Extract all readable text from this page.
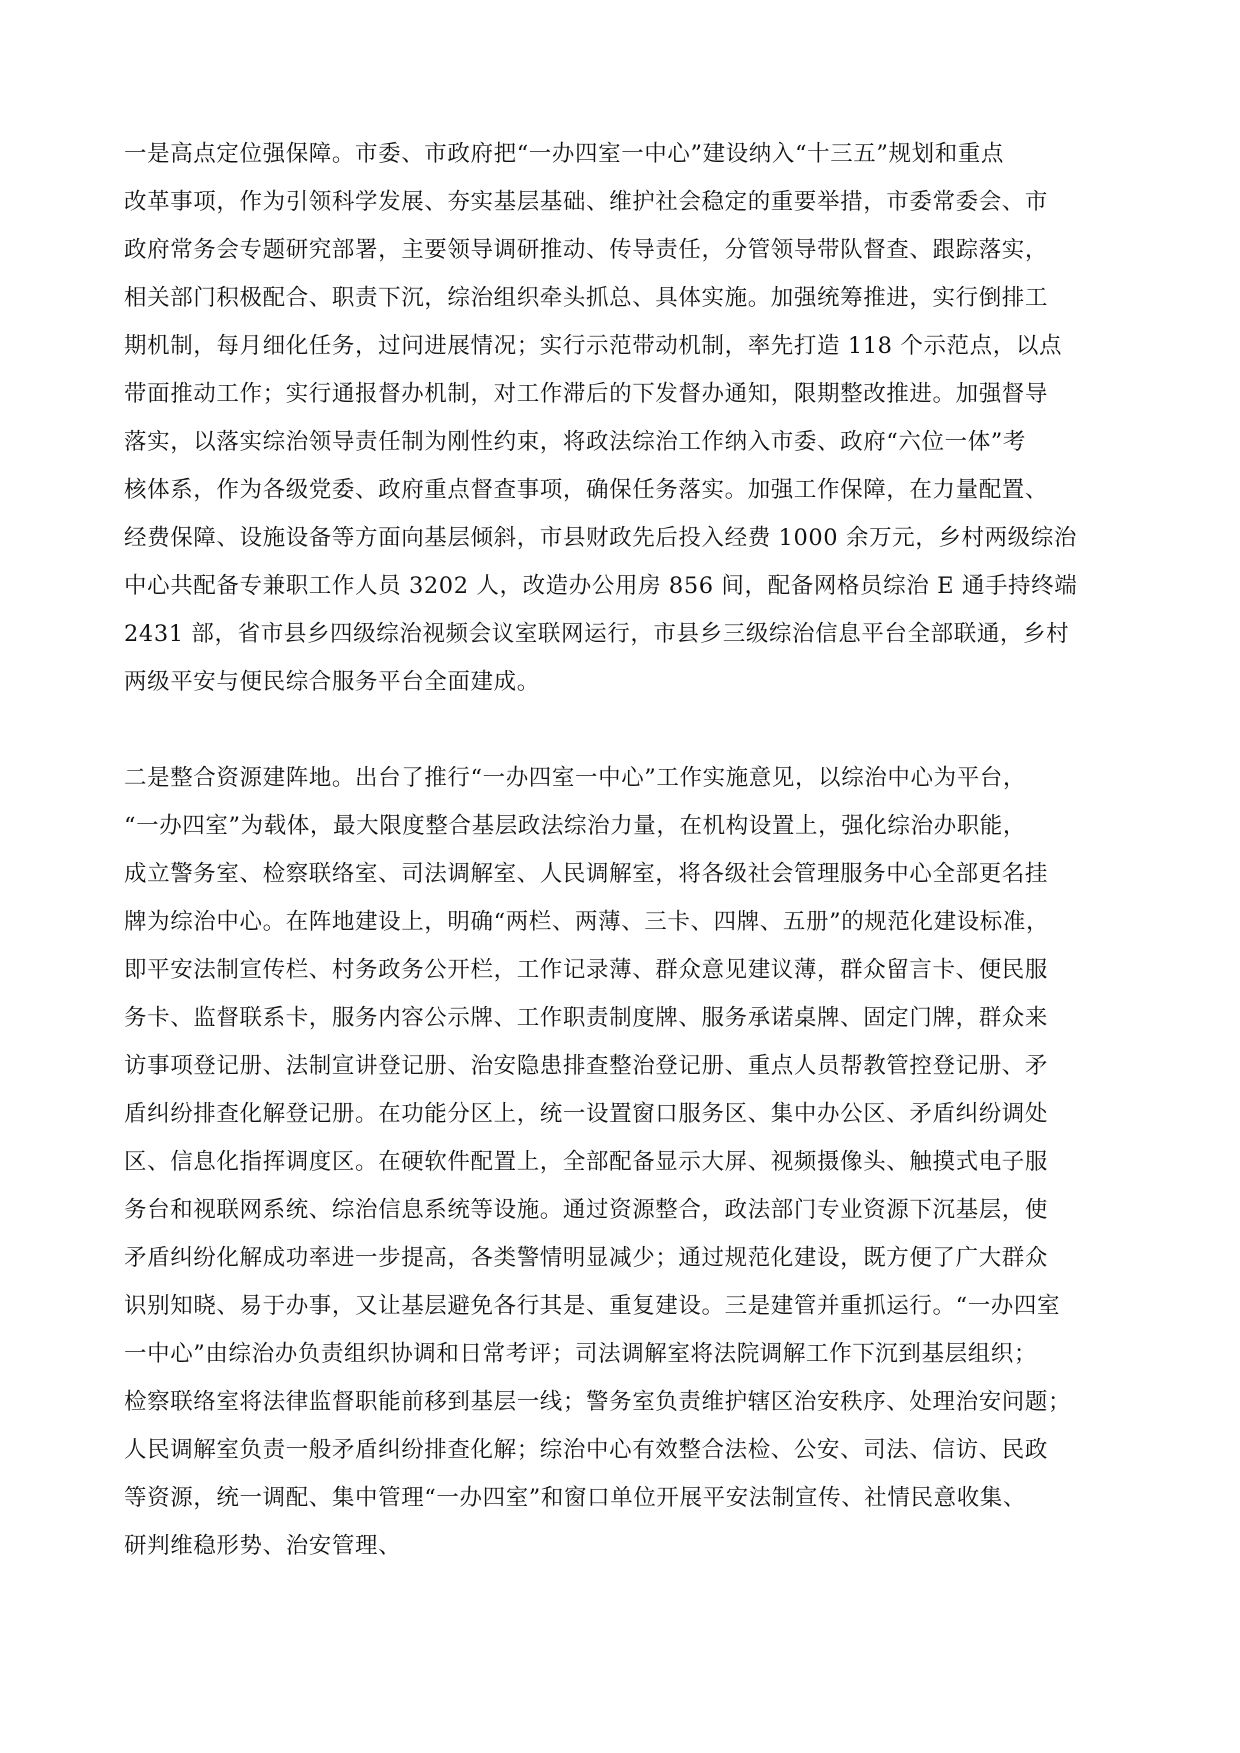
一是高点定位强保障。市委、市政府把“一办四室一中心”建设纳入“十三五”规划和重点
改革事项，作为引领科学发展、夯实基层基础、维护社会稳定的重要举措，市委常委会、市
政府常务会专题研究部署，主要领导调研推动、传导责任，分管领导带队督查、跟踪落实，
相关部门积极配合、职责下沉，综治组织牵头抓总、具体实施。加强统筹推进，实行倒排工
期机制，每月细化任务，过问进展情况；实行示范带动机制，率先打造 118 个示范点，以点
带面推动工作；实行通报督办机制，对工作滞后的下发督办通知，限期整改推进。加强督导
落实，以落实综治领导责任制为刚性约束，将政法综治工作纳入市委、政府“六位一体”考
核体系，作为各级党委、政府重点督查事项，确保任务落实。加强工作保障，在力量配置、
经费保障、设施设备等方面向基层倾斜，市县财政先后投入经费 1000 余万元，乡村两级综治
中心共配备专兼职工作人员 3202 人，改造办公用房 856 间，配备网格员综治 E 通手持终端
2431 部，省市县乡四级综治视频会议室联网运行，市县乡三级综治信息平台全部联通，乡村
两级平安与便民综合服务平台全面建成。
二是整合资源建阵地。出台了推行“一办四室一中心”工作实施意见，以综治中心为平台，
“一办四室”为载体，最大限度整合基层政法综治力量，在机构设置上，强化综治办职能，
成立警务室、检察联络室、司法调解室、人民调解室，将各级社会管理服务中心全部更名挂
牌为综治中心。在阵地建设上，明确“两栏、两薄、三卡、四牌、五册”的规范化建设标准，
即平安法制宣传栏、村务政务公开栏，工作记录薄、群众意见建议薄，群众留言卡、便民服
务卡、监督联系卡，服务内容公示牌、工作职责制度牌、服务承诺桌牌、固定门牌，群众来
访事项登记册、法制宣讲登记册、治安隐患排查整治登记册、重点人员帮教管控登记册、矛
盾纠纷排查化解登记册。在功能分区上，统一设置窗口服务区、集中办公区、矛盾纠纷调处
区、信息化指挥调度区。在硬软件配置上，全部配备显示大屏、视频摄像头、触摸式电子服
务台和视联网系统、综治信息系统等设施。通过资源整合，政法部门专业资源下沉基层，使
矛盾纠纷化解成功率进一步提高，各类警情明显减少；通过规范化建设，既方便了广大群众
识别知晓、易于办事，又让基层避免各行其是、重复建设。三是建管并重抓运行。“一办四室
一中心”由综治办负责组织协调和日常考评；司法调解室将法院调解工作下沉到基层组织；
检察联络室将法律监督职能前移到基层一线；警务室负责维护辖区治安秩序、处理治安问题；
人民调解室负责一般矛盾纠纷排查化解；综治中心有效整合法检、公安、司法、信访、民政
等资源，统一调配、集中管理“一办四室”和窗口单位开展平安法制宣传、社情民意收集、
研判维稳形势、治安管理、
